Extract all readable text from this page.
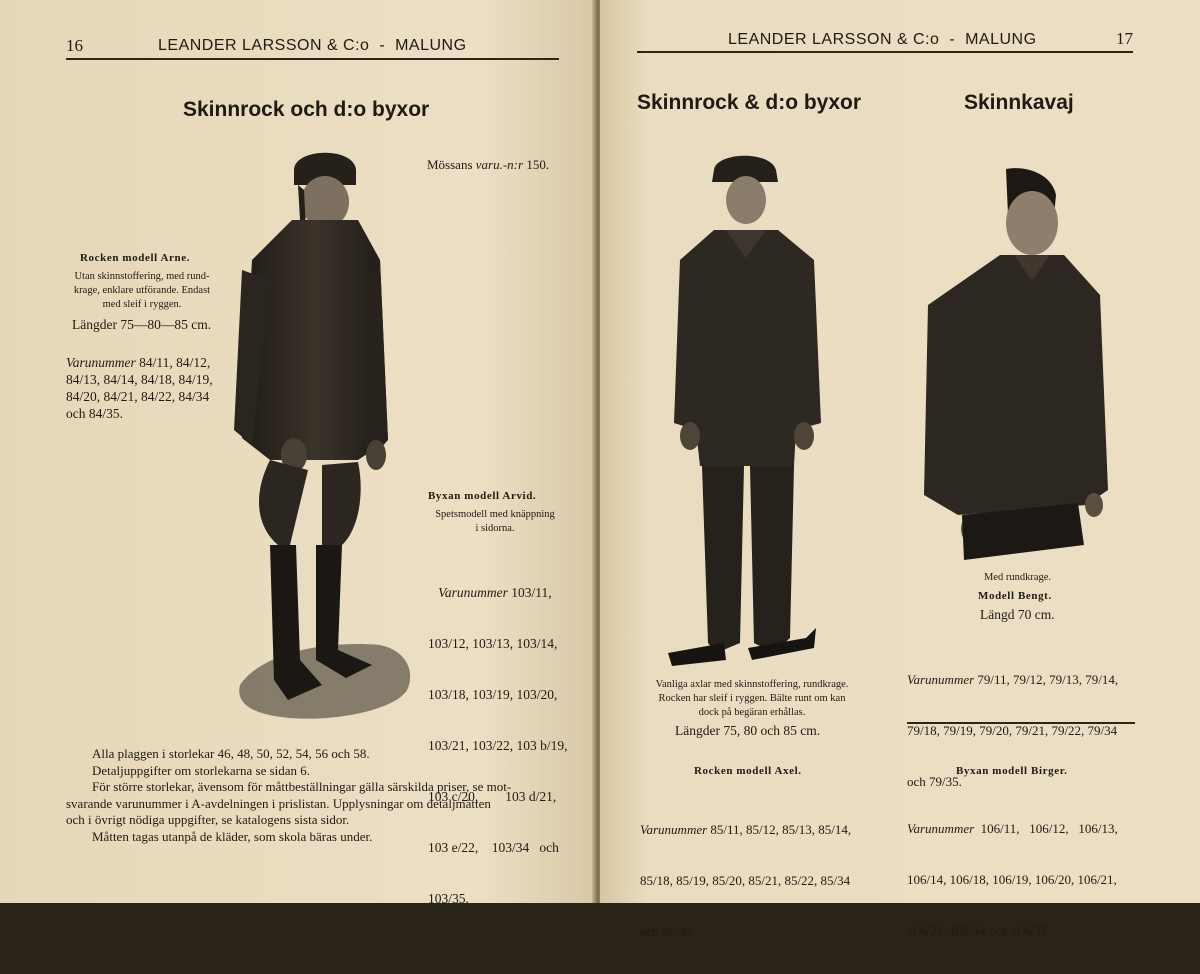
16	LEANDER LARSSON & C:o  -  MALUNG
Skinnrock och d:o byxor
Mössans varu.-n:r 150.
Rocken modell Arne.
Utan skinnstoffering, med rund-
krage, enklare utförande. Endast
med sleif i ryggen.
Längder 75—80—85 cm.
Varunummer 84/11, 84/12,
84/13, 84/14, 84/18, 84/19,
84/20, 84/21, 84/22, 84/34
och 84/35.
Byxan modell Arvid.
Spetsmodell med knäppning
i sidorna.

Varunummer 103/11,

103/12, 103/13, 103/14,

103/18, 103/19, 103/20,

103/21, 103/22, 103 b/19,

103 c/20,        103 d/21,

103 e/22,    103/34   och

103/35.

Alla plaggen i storlekar 46, 48, 50, 52, 54, 56 och 58.
Detaljuppgifter om storlekarna se sidan 6.
För större storlekar, ävensom för måttbeställningar gälla särskilda priser, se mot-
svarande varunummer i A-avdelningen i prislistan. Upplysningar om detaljmåtten
och i övrigt nödiga uppgifter, se katalogens sista sidor.
Måtten tagas utanpå de kläder, som skola bäras under.
LEANDER LARSSON & C:o  -  MALUNG	17
Skinnrock & d:o byxor	Skinnkavaj
Vanliga axlar med skinnstoffering, rundkrage.
Rocken har sleif i ryggen. Bälte runt om kan
dock på begäran erhållas.
Längder 75, 80 och 85 cm.
Rocken modell Axel.

Varunummer 85/11, 85/12, 85/13, 85/14,

85/18, 85/19, 85/20, 85/21, 85/22, 85/34

och 85/35.

Med rundkrage.
Modell Bengt.
Längd 70 cm.

Varunummer 79/11, 79/12, 79/13, 79/14,

79/18, 79/19, 79/20, 79/21, 79/22, 79/34

och 79/35.

Byxan modell Birger.

Varunummer  106/11,   106/12,   106/13,

106/14, 106/18, 106/19, 106/20, 106/21,

106/22, 106/34 och 106/35.
